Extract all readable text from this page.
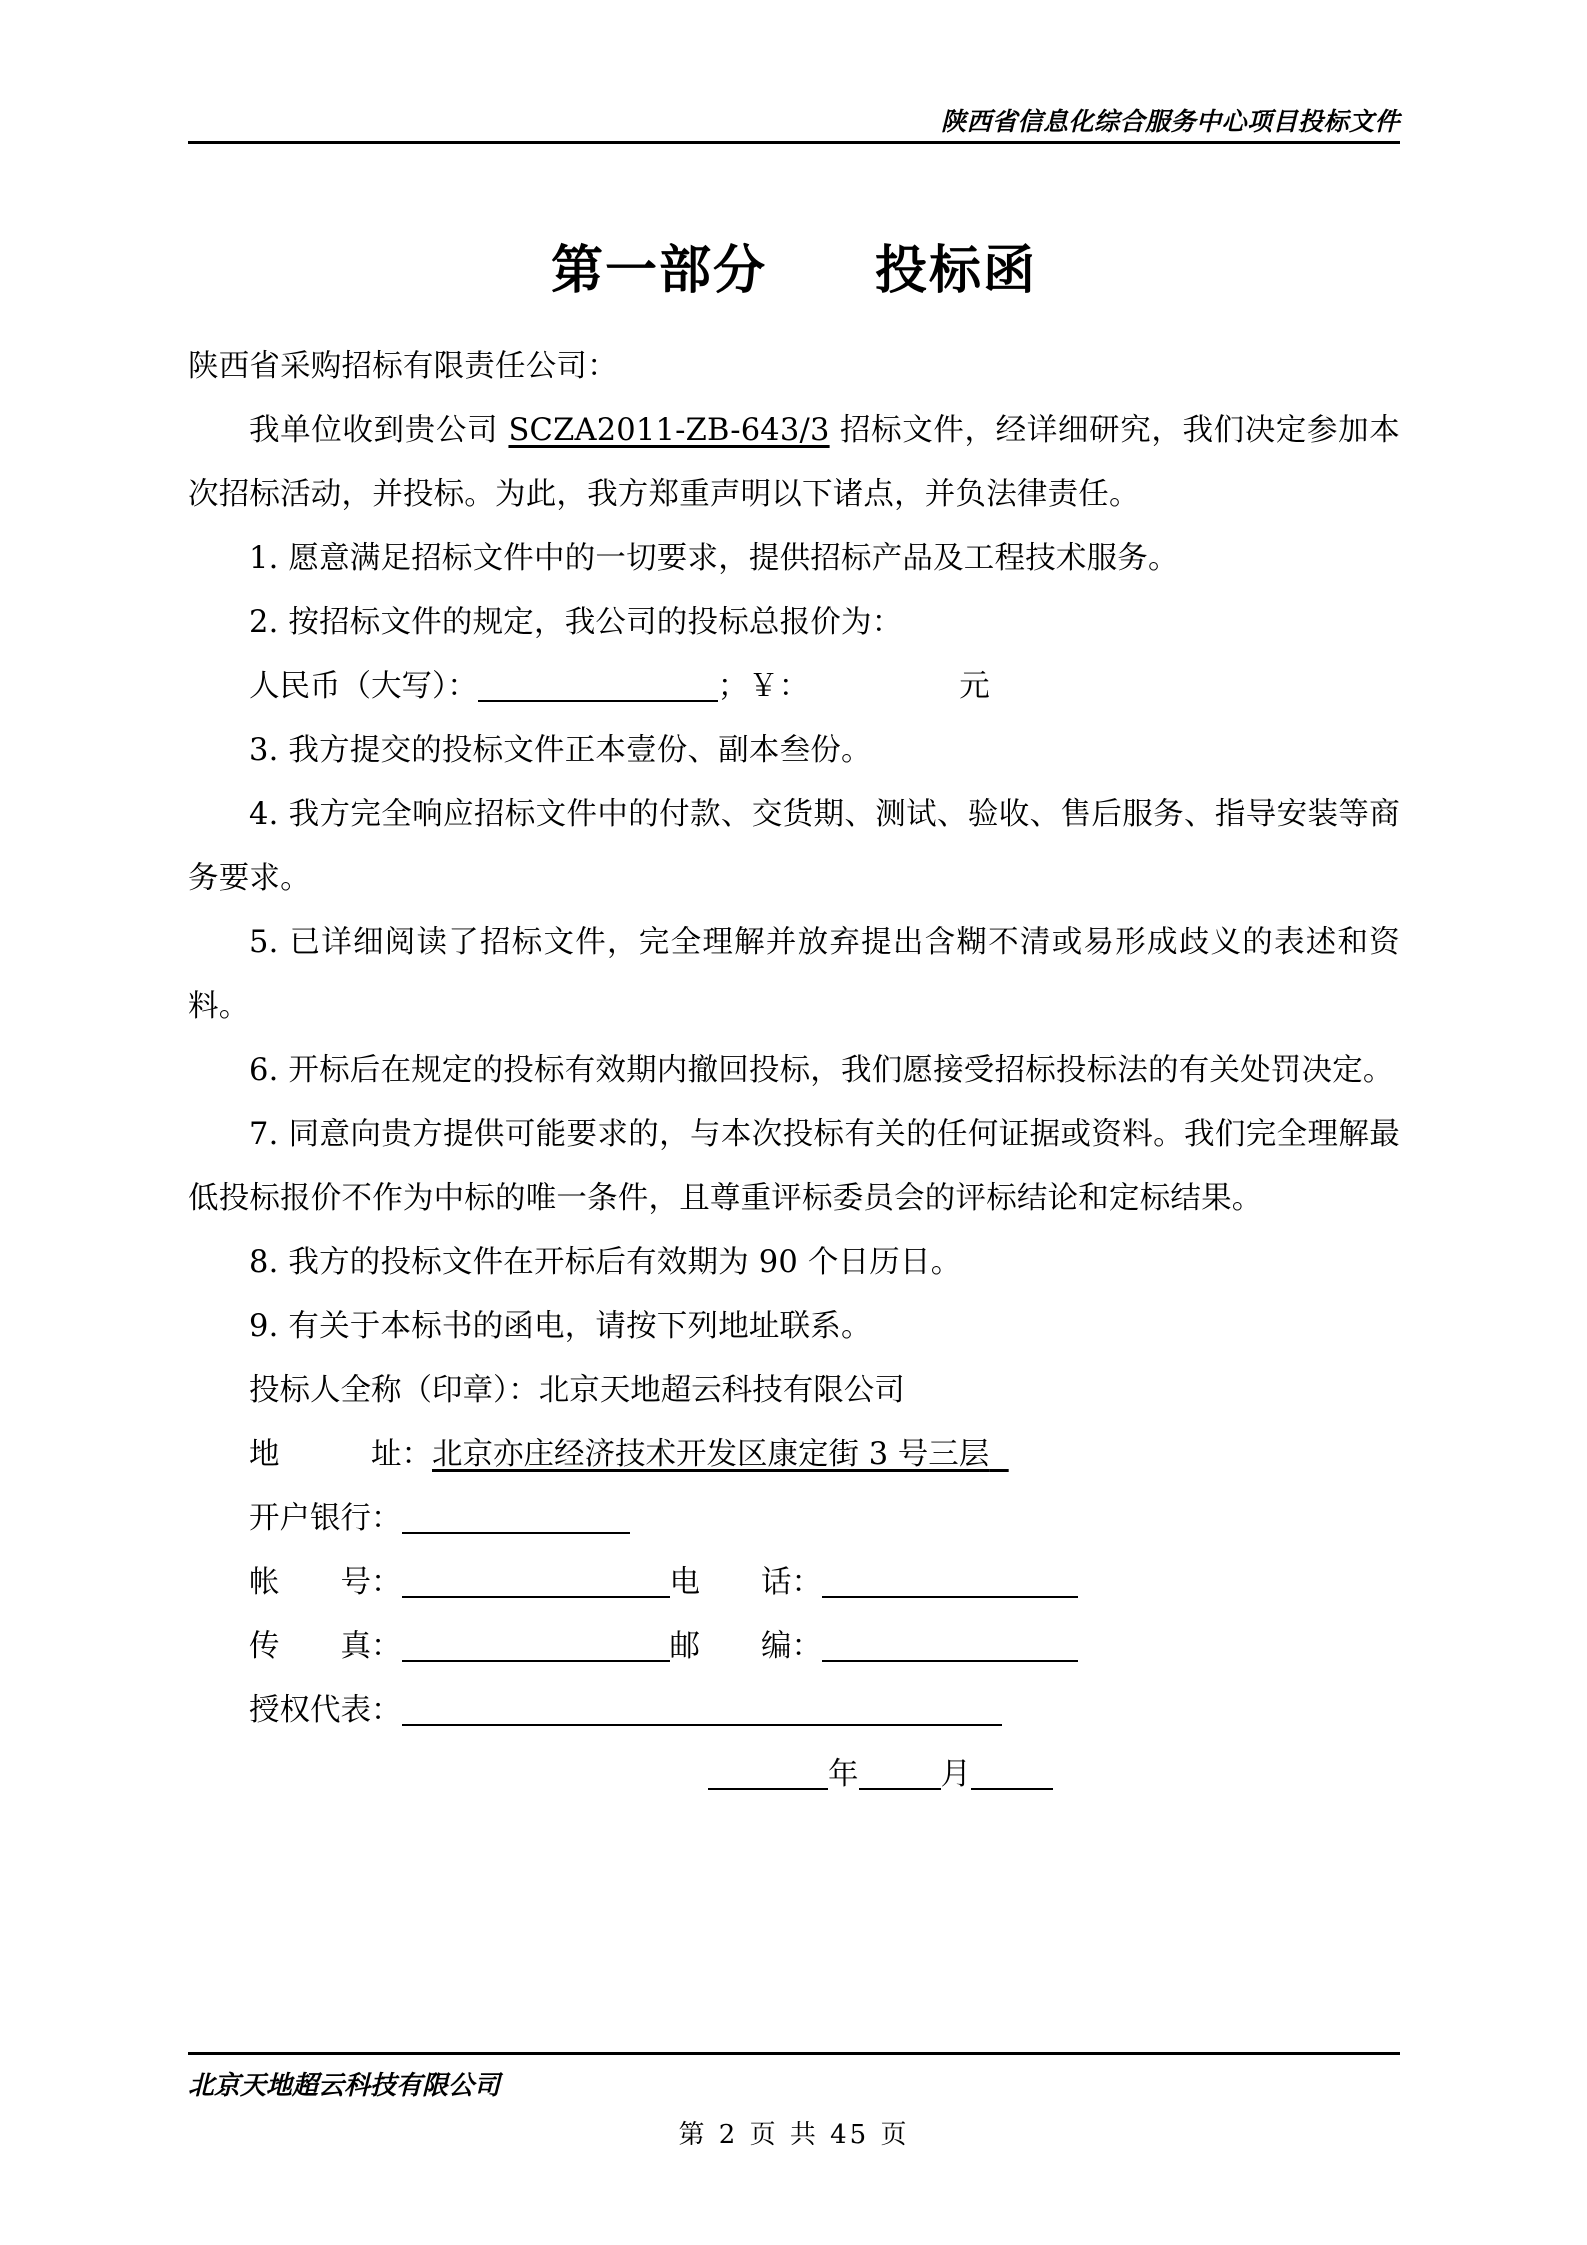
陕西省信息化综合服务中心项目投标文件
第一部分　　投标函

陕西省采购招标有限责任公司：

我单位收到贵公司 SCZA2011-ZB-643/3 招标文件，经详细研究，我们决定参加本次招标活动，并投标。为此，我方郑重声明以下诸点，并负法律责任。

1. 愿意满足招标文件中的一切要求，提供招标产品及工程技术服务。

2. 按招标文件的规定，我公司的投标总报价为：

人民币（大写）：	；￥：	元

3. 我方提交的投标文件正本壹份、副本叁份。

4. 我方完全响应招标文件中的付款、交货期、测试、验收、售后服务、指导安装等商务要求。

5. 已详细阅读了招标文件，完全理解并放弃提出含糊不清或易形成歧义的表述和资料。

6. 开标后在规定的投标有效期内撤回投标，我们愿接受招标投标法的有关处罚决定。

7. 同意向贵方提供可能要求的，与本次投标有关的任何证据或资料。我们完全理解最低投标报价不作为中标的唯一条件，且尊重评标委员会的评标结论和定标结果。

8. 我方的投标文件在开标后有效期为 90 个日历日。

9. 有关于本标书的函电，请按下列地址联系。

投标人全称（印章）：北京天地超云科技有限公司
地　　　址：北京亦庄经济技术开发区康定街 3 号三层
开户银行：
帐　　号：	电　　话：
传　　真：	邮　　编：
授权代表：
年	月
北京天地超云科技有限公司
第 2 页 共 45 页
